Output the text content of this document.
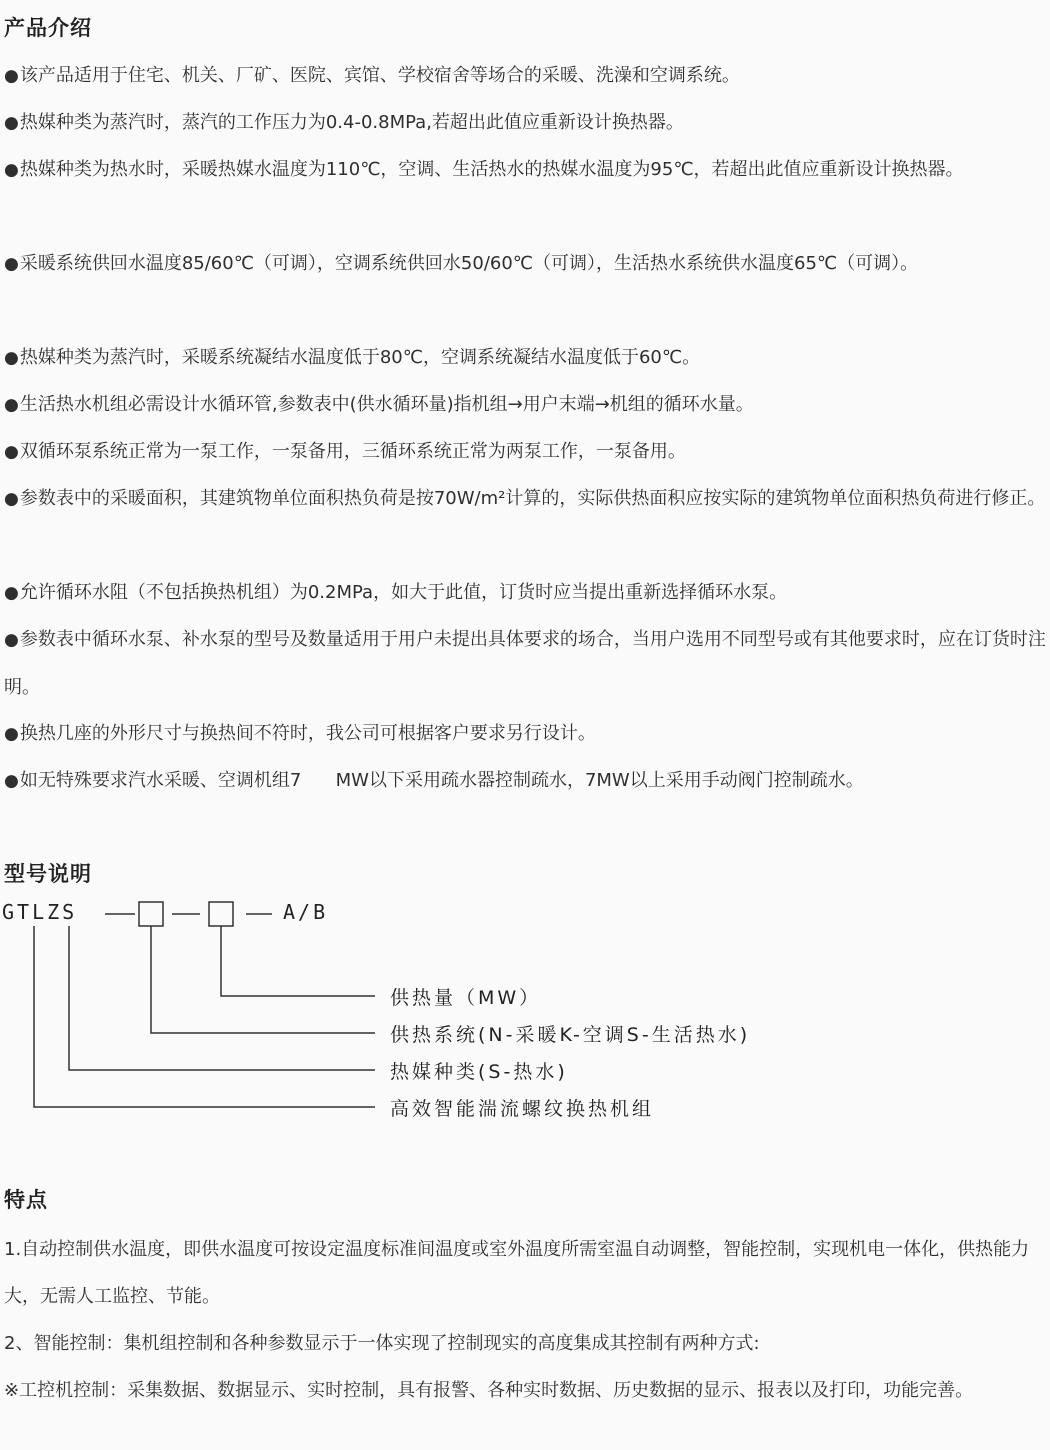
产品介绍

●该产品适用于住宅、机关、厂矿、医院、宾馆、学校宿舍等场合的采暖、洗澡和空调系统。

●热媒种类为蒸汽时，蒸汽的工作压力为0.4-0.8MPa,若超出此值应重新设计换热器。

●热媒种类为热水时，采暖热媒水温度为110℃，空调、生活热水的热媒水温度为95℃，若超出此值应重新设计换热器。

●采暖系统供回水温度85/60℃（可调），空调系统供回水50/60℃（可调），生活热水系统供水温度65℃（可调）。

●热媒种类为蒸汽时，采暖系统凝结水温度低于80℃，空调系统凝结水温度低于60℃。

●生活热水机组必需设计水循环管,参数表中(供水循环量)指机组→用户末端→机组的循环水量。

●双循环泵系统正常为一泵工作，一泵备用，三循环系统正常为两泵工作，一泵备用。

●参数表中的采暖面积，其建筑物单位面积热负荷是按70W/m²计算的，实际供热面积应按实际的建筑物单位面积热负荷进行修正。

●允许循环水阻（不包括换热机组）为0.2MPa，如大于此值，订货时应当提出重新选择循环水泵。

●参数表中循环水泵、补水泵的型号及数量适用于用户未提出具体要求的场合，当用户选用不同型号或有其他要求时，应在订货时注明。

●换热几座的外形尺寸与换热间不符时，我公司可根据客户要求另行设计。

●如无特殊要求汽水采暖、空调机组7      MW以下采用疏水器控制疏水，7MW以上采用手动阀门控制疏水。

型号说明
GTLZS	A/B
供热量（MW）
供热系统(N-采暖K-空调S-生活热水)
热媒种类(S-热水)
高效智能湍流螺纹换热机组
特点

1.自动控制供水温度，即供水温度可按设定温度标准间温度或室外温度所需室温自动调整，智能控制，实现机电一体化，供热能力大，无需人工监控、节能。

2、智能控制：集机组控制和各种参数显示于一体实现了控制现实的高度集成其控制有两种方式:

※工控机控制：采集数据、数据显示、实时控制，具有报警、各种实时数据、历史数据的显示、报表以及打印，功能完善。
